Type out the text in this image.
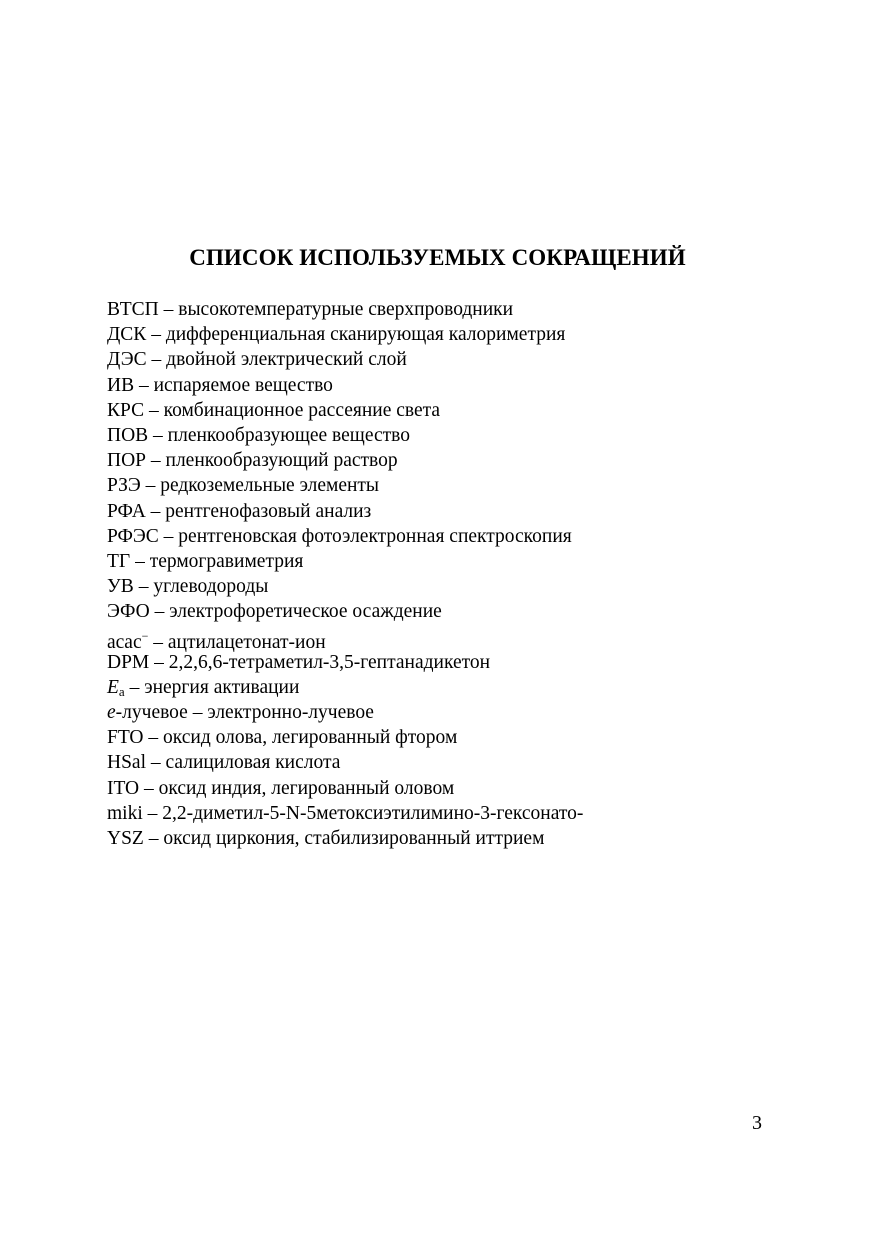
СПИСОК ИСПОЛЬЗУЕМЫХ СОКРАЩЕНИЙ
ВТСП – высокотемпературные сверхпроводники
ДСК – дифференциальная сканирующая калориметрия
ДЭС – двойной электрический слой
ИВ – испаряемое вещество
КРС – комбинационное рассеяние света
ПОВ – пленкообразующее вещество
ПОР – пленкообразующий раствор
РЗЭ – редкоземельные элементы
РФА – рентгенофазовый анализ
РФЭС – рентгеновская фотоэлектронная спектроскопия
ТГ – термогравиметрия
УВ – углеводороды
ЭФО – электрофоретическое осаждение
acac− – ацтилацетонат-ион
DPM – 2,2,6,6-тетраметил-3,5-гептанадикетон
$E_a$ – энергия активации
e-лучевое – электронно-лучевое
FTO – оксид олова, легированный фтором
HSal – салициловая кислота
ITO – оксид индия, легированный оловом
miki – 2,2-диметил-5-N-5метоксиэтилимино-3-гексонато-
YSZ – оксид циркония, стабилизированный иттрием
3
